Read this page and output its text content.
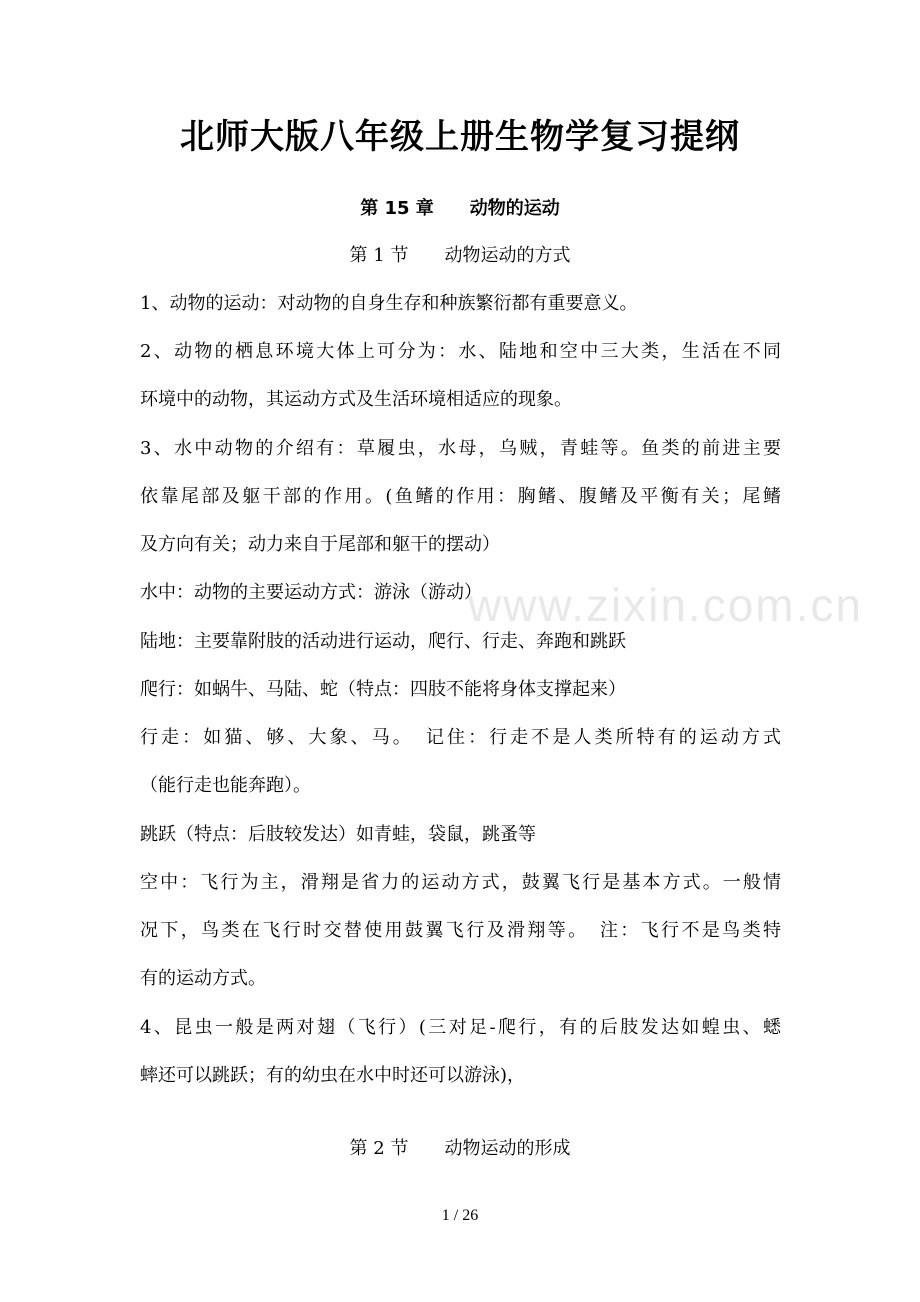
北师大版八年级上册生物学复习提纲
第 15 章　　动物的运动
第 1 节　　动物运动的方式
1、动物的运动：对动物的自身生存和种族繁衍都有重要意义。
2、动物的栖息环境大体上可分为：水、陆地和空中三大类，生活在不同
环境中的动物，其运动方式及生活环境相适应的现象。
3、水中动物的介绍有：草履虫，水母，乌贼，青蛙等。鱼类的前进主要
依靠尾部及躯干部的作用。(鱼鳍的作用：胸鳍、腹鳍及平衡有关；尾鳍
及方向有关；动力来自于尾部和躯干的摆动）
水中：动物的主要运动方式：游泳（游动）
陆地：主要靠附肢的活动进行运动，爬行、行走、奔跑和跳跃
爬行：如蜗牛、马陆、蛇（特点：四肢不能将身体支撑起来）
行走：如猫、够、大象、马。　记住：行走不是人类所特有的运动方式
（能行走也能奔跑）。
跳跃（特点：后肢较发达）如青蛙，袋鼠，跳蚤等
空中：飞行为主，滑翔是省力的运动方式，鼓翼飞行是基本方式。一般情
况下，鸟类在飞行时交替使用鼓翼飞行及滑翔等。　注：飞行不是鸟类特
有的运动方式。
4、昆虫一般是两对翅（飞行）(三对足-爬行，有的后肢发达如蝗虫、蟋
蟀还可以跳跃；有的幼虫在水中时还可以游泳)，
第 2 节　　动物运动的形成
www.zixin.com.cn
1 / 26
